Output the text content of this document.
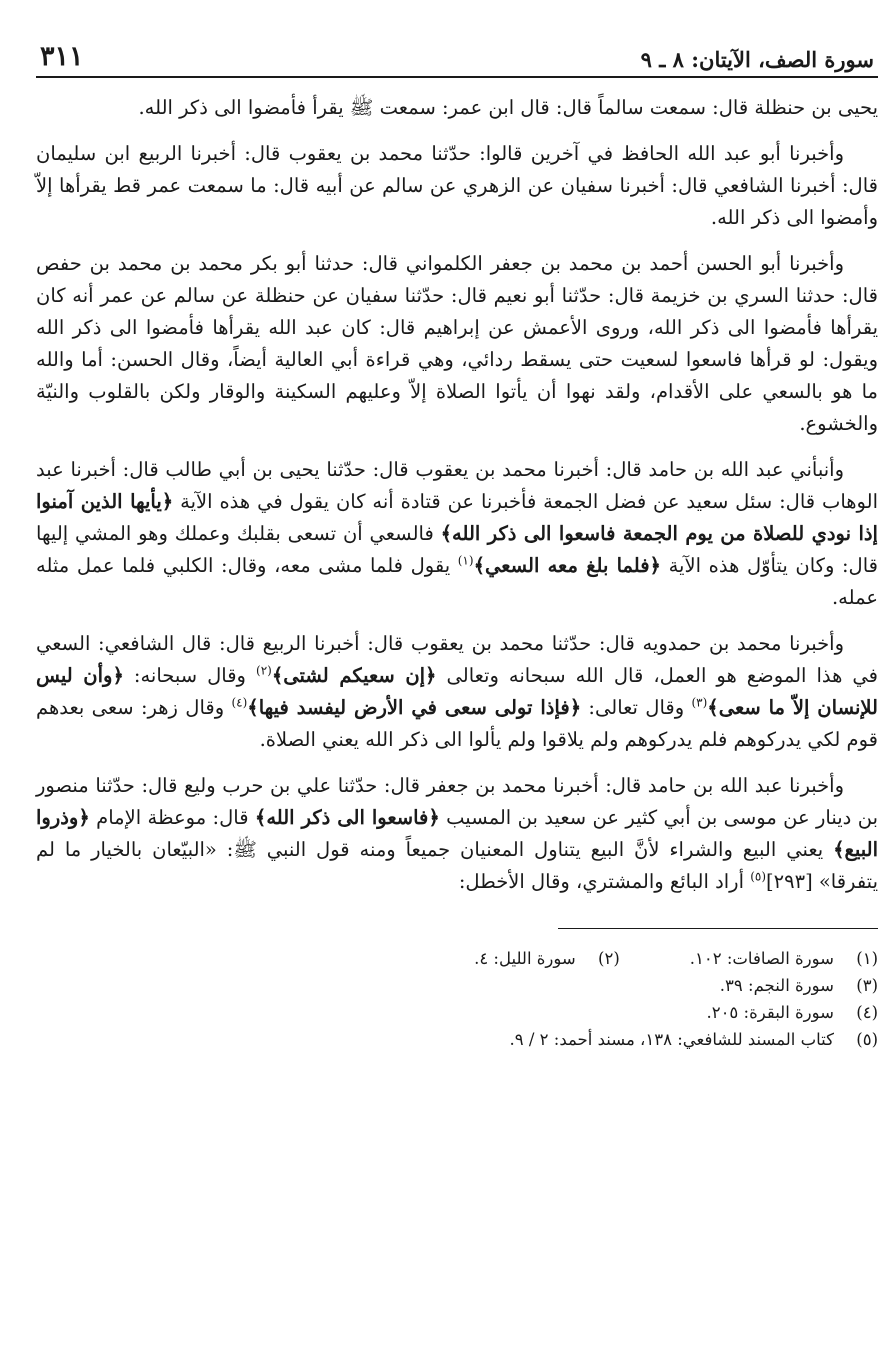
سورة الصف، الآيتان: ٨ ـ ٩
٣١١

يحيى بن حنظلة قال: سمعت سالماً قال: قال ابن عمر: سمعت ﷺ يقرأ فأمضوا الى ذكر الله.

وأخبرنا أبو عبد الله الحافظ في آخرين قالوا: حدّثنا محمد بن يعقوب قال: أخبرنا الربيع ابن سليمان قال: أخبرنا الشافعي قال: أخبرنا سفيان عن الزهري عن سالم عن أبيه قال: ما سمعت عمر قط يقرأها إلاّ وأمضوا الى ذكر الله.

وأخبرنا أبو الحسن أحمد بن محمد بن جعفر الكلمواني قال: حدثنا أبو بكر محمد بن محمد بن حفص قال: حدثنا السري بن خزيمة قال: حدّثنا أبو نعيم قال: حدّثنا سفيان عن حنظلة عن سالم عن عمر أنه كان يقرأها فأمضوا الى ذكر الله، وروى الأعمش عن إبراهيم قال: كان عبد الله يقرأها فأمضوا الى ذكر الله ويقول: لو قرأها فاسعوا لسعيت حتى يسقط ردائي، وهي قراءة أبي العالية أيضاً، وقال الحسن: أما والله ما هو بالسعي على الأقدام، ولقد نهوا أن يأتوا الصلاة إلاّ وعليهم السكينة والوقار ولكن بالقلوب والنيّة والخشوع.

وأنبأني عبد الله بن حامد قال: أخبرنا محمد بن يعقوب قال: حدّثنا يحيى بن أبي طالب قال: أخبرنا عبد الوهاب قال: سئل سعيد عن فضل الجمعة فأخبرنا عن قتادة أنه كان يقول في هذه الآية ﴿يأيها الذين آمنوا إذا نودي للصلاة من يوم الجمعة فاسعوا الى ذكر الله﴾ فالسعي أن تسعى بقلبك وعملك وهو المشي إليها قال: وكان يتأوّل هذه الآية ﴿فلما بلغ معه السعي﴾$^{(١)}$ يقول فلما مشى معه، وقال: الكلبي فلما عمل مثله عمله.

وأخبرنا محمد بن حمدويه قال: حدّثنا محمد بن يعقوب قال: أخبرنا الربيع قال: قال الشافعي: السعي في هذا الموضع هو العمل، قال الله سبحانه وتعالى ﴿إن سعيكم لشتى﴾$^{(٢)}$ وقال سبحانه: ﴿وأن ليس للإنسان إلاّ ما سعى﴾$^{(٣)}$ وقال تعالى: ﴿فإذا تولى سعى في الأرض ليفسد فيها﴾$^{(٤)}$ وقال زهر: سعى بعدهم قوم لكي يدركوهم فلم يدركوهم ولم يلاقوا ولم يألوا الى ذكر الله يعني الصلاة.

وأخبرنا عبد الله بن حامد قال: أخبرنا محمد بن جعفر قال: حدّثنا علي بن حرب وليع قال: حدّثنا منصور بن دينار عن موسى بن أبي كثير عن سعيد بن المسيب ﴿فاسعوا الى ذكر الله﴾ قال: موعظة الإمام ﴿وذروا البيع﴾ يعني البيع والشراء لأنَّ البيع يتناول المعنيان جميعاً ومنه قول النبي ﷺ: «البيّعان بالخيار ما لم يتفرقا» [٢٩٣]$^{(٥)}$ أراد البائع والمشتري، وقال الأخطل:

(١)
سورة الصافات: ١٠٢.
(٢)
سورة الليل: ٤.
(٣)
سورة النجم: ٣٩.
(٤)
سورة البقرة: ٢٠٥.
(٥)
كتاب المسند للشافعي: ١٣٨، مسند أحمد: ٢ / ٩.
